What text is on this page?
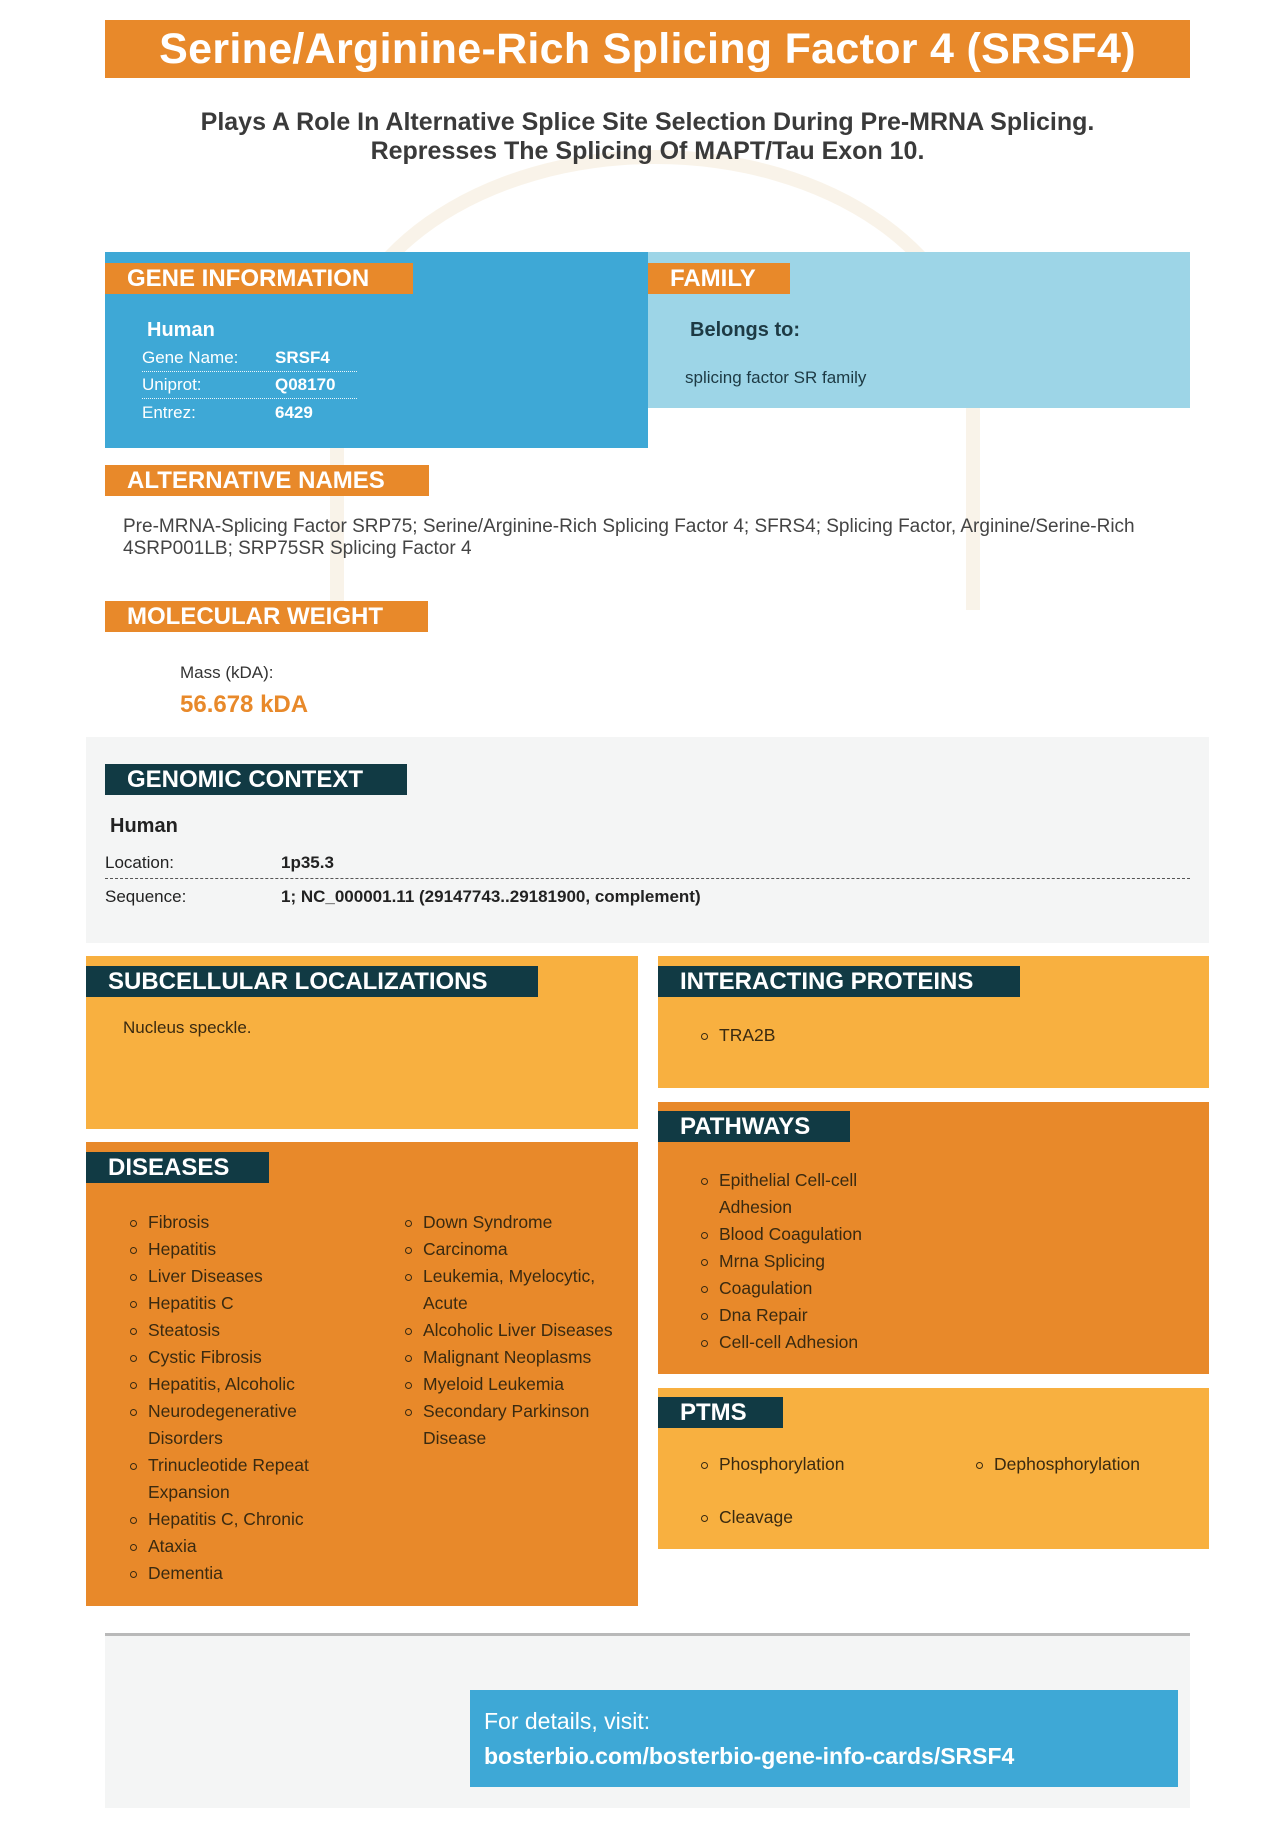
Serine/Arginine-Rich Splicing Factor 4 (SRSF4)
Plays A Role In Alternative Splice Site Selection During Pre-MRNA Splicing.
Represses The Splicing Of MAPT/Tau Exon 10.
GENE INFORMATION
Human
Gene Name:	SRSF4
Uniprot:	Q08170
Entrez:	6429
FAMILY
Belongs to:
splicing factor SR family
ALTERNATIVE NAMES
Pre-MRNA-Splicing Factor SRP75; Serine/Arginine-Rich Splicing Factor 4; SFRS4; Splicing Factor, Arginine/Serine-Rich 4SRP001LB; SRP75SR Splicing Factor 4
MOLECULAR WEIGHT
Mass (kDA):
56.678 kDA
GENOMIC CONTEXT
Human
Location:	1p35.3
Sequence:	1; NC_000001.11 (29147743..29181900, complement)
SUBCELLULAR LOCALIZATIONS
Nucleus speckle.
INTERACTING PROTEINS
TRA2B
DISEASES
Fibrosis
Hepatitis
Liver Diseases
Hepatitis C
Steatosis
Cystic Fibrosis
Hepatitis, Alcoholic
Neurodegenerative Disorders
Trinucleotide Repeat Expansion
Hepatitis C, Chronic
Ataxia
Dementia
Down Syndrome
Carcinoma
Leukemia, Myelocytic, Acute
Alcoholic Liver Diseases
Malignant Neoplasms
Myeloid Leukemia
Secondary Parkinson Disease
PATHWAYS
Epithelial Cell-cell Adhesion
Blood Coagulation
Mrna Splicing
Coagulation
Dna Repair
Cell-cell Adhesion
PTMS
Phosphorylation
Cleavage
Dephosphorylation
For details, visit:
bosterbio.com/bosterbio-gene-info-cards/SRSF4
